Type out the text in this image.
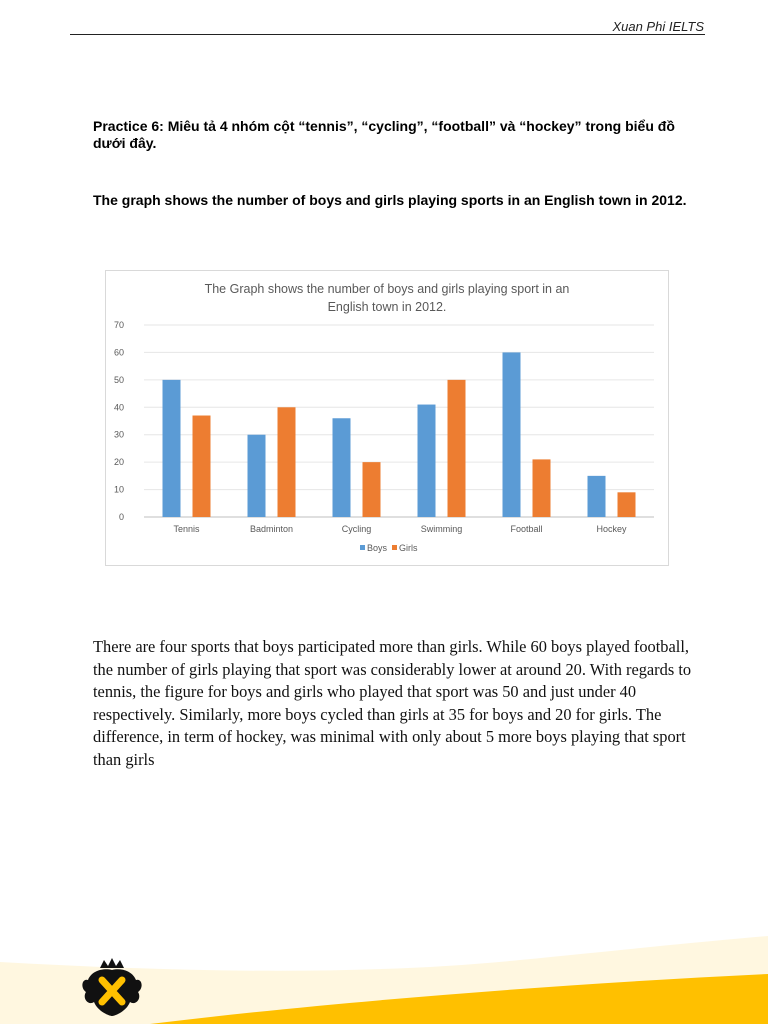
Xuan Phi IELTS
Practice 6: Miêu tả 4 nhóm cột “tennis”, “cycling”, “football” và “hockey” trong biểu đồ dưới đây.
The graph shows the number of boys and girls playing sports in an English town in 2012.
The Graph shows the number of boys and girls playing sport in an
English town in 2012.
0
10
20
30
40
50
60
70
Tennis	Badminton	Cycling	Swimming	Football	Hockey
Boys Girls
There are four sports that boys participated more than girls. While 60 boys played football, the number of girls playing that sport was considerably lower at around 20. With regards to tennis, the figure for boys and girls who played that sport was 50 and just under 40 respectively. Similarly, more boys cycled than girls at 35 for boys and 20 for girls. The difference, in term of hockey, was minimal with only about 5 more boys playing that sport than girls
